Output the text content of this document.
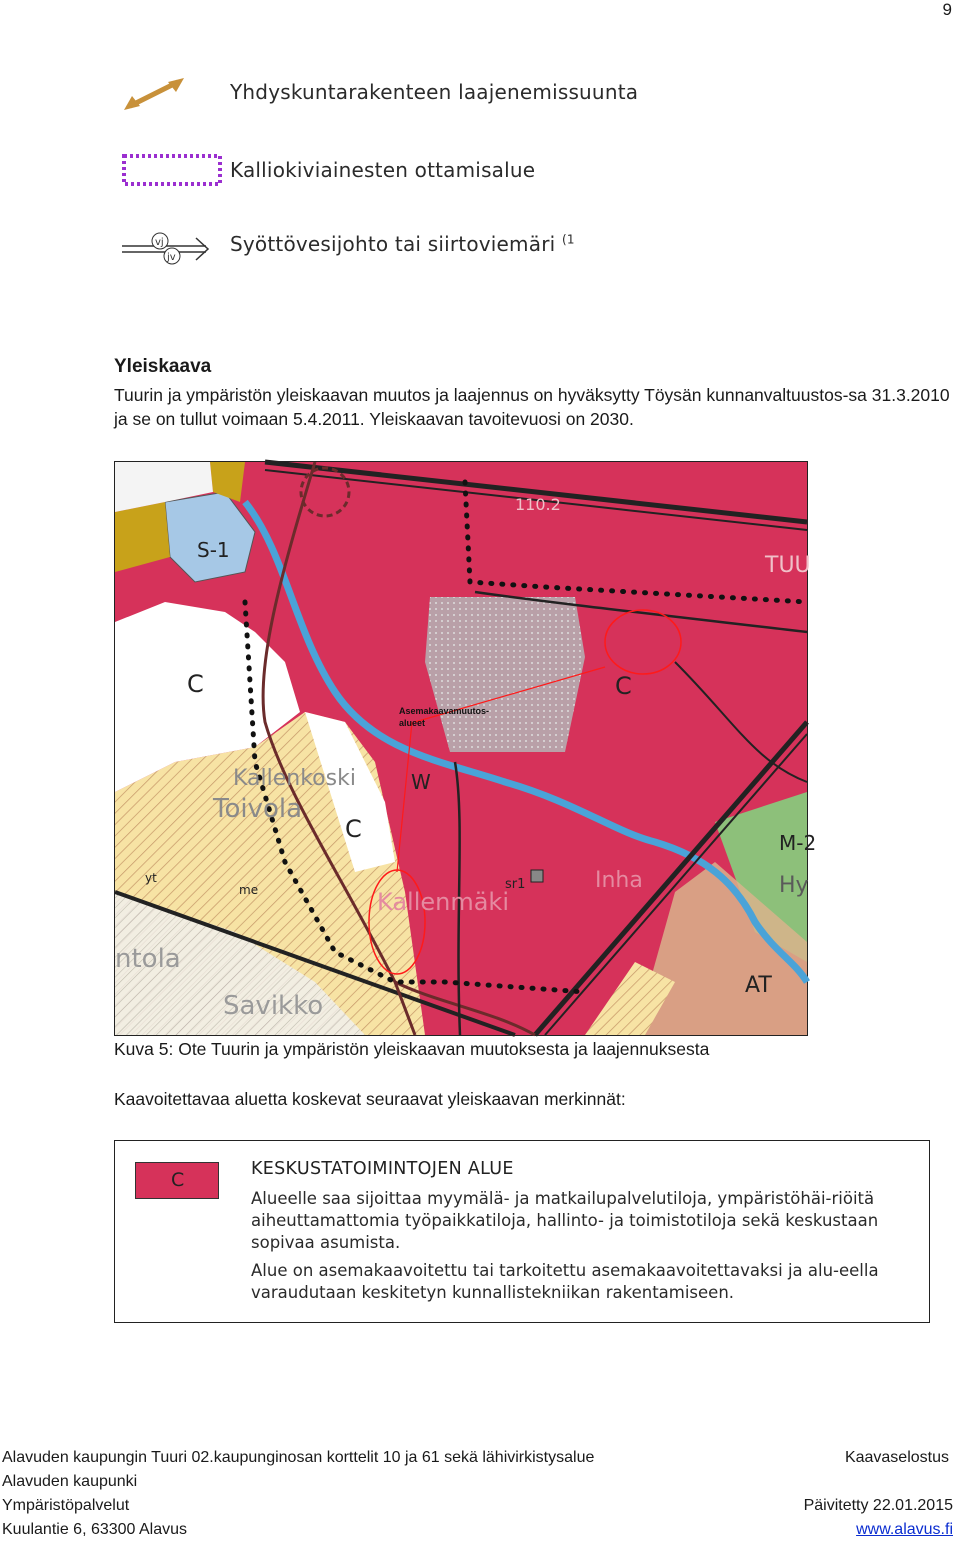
9
Yhdyskuntarakenteen laajenemissuunta
Kalliokiviainesten ottamisalue
vj
jv
Syöttövesijohto tai siirtoviemäri $^{(1}$
Yleiskaava
Tuurin ja ympäristön yleiskaavan muutos ja laajennus on hyväksytty Töysän kunnanvaltuustos-sa 31.3.2010 ja se on tullut voimaan 5.4.2011. Yleiskaavan tavoitevuosi on 2030.
S-1
C
C
C
W
Kallenkoski
Toivola
Kallenmäki
ntola
Savikko
Inha
sr1
AT
M-2
Hy
TUU
110.2
yt
me
Asemakaavamuutos-
alueet
Kuva 5: Ote Tuurin ja ympäristön yleiskaavan muutoksesta ja laajennuksesta
Kaavoitettavaa aluetta koskevat seuraavat yleiskaavan merkinnät:
C	KESKUSTATOIMINTOJEN ALUE
Alueelle saa sijoittaa myymälä- ja matkailupalvelutiloja, ympäristöhäi-riöitä aiheuttamattomia työpaikkatiloja, hallinto- ja toimistotiloja sekä keskustaan sopivaa asumista.
Alue on asemakaavoitettu tai tarkoitettu asemakaavoitettavaksi ja alu-eella varaudutaan keskitetyn kunnallistekniikan rakentamiseen.
Alavuden kaupungin Tuuri 02.kaupunginosan korttelit 10 ja 61 sekä lähivirkistysalue
Alavuden kaupunki
Ympäristöpalvelut
Kuulantie 6, 63300 Alavus
Kaavaselostus
Päivitetty 22.01.2015
www.alavus.fi
